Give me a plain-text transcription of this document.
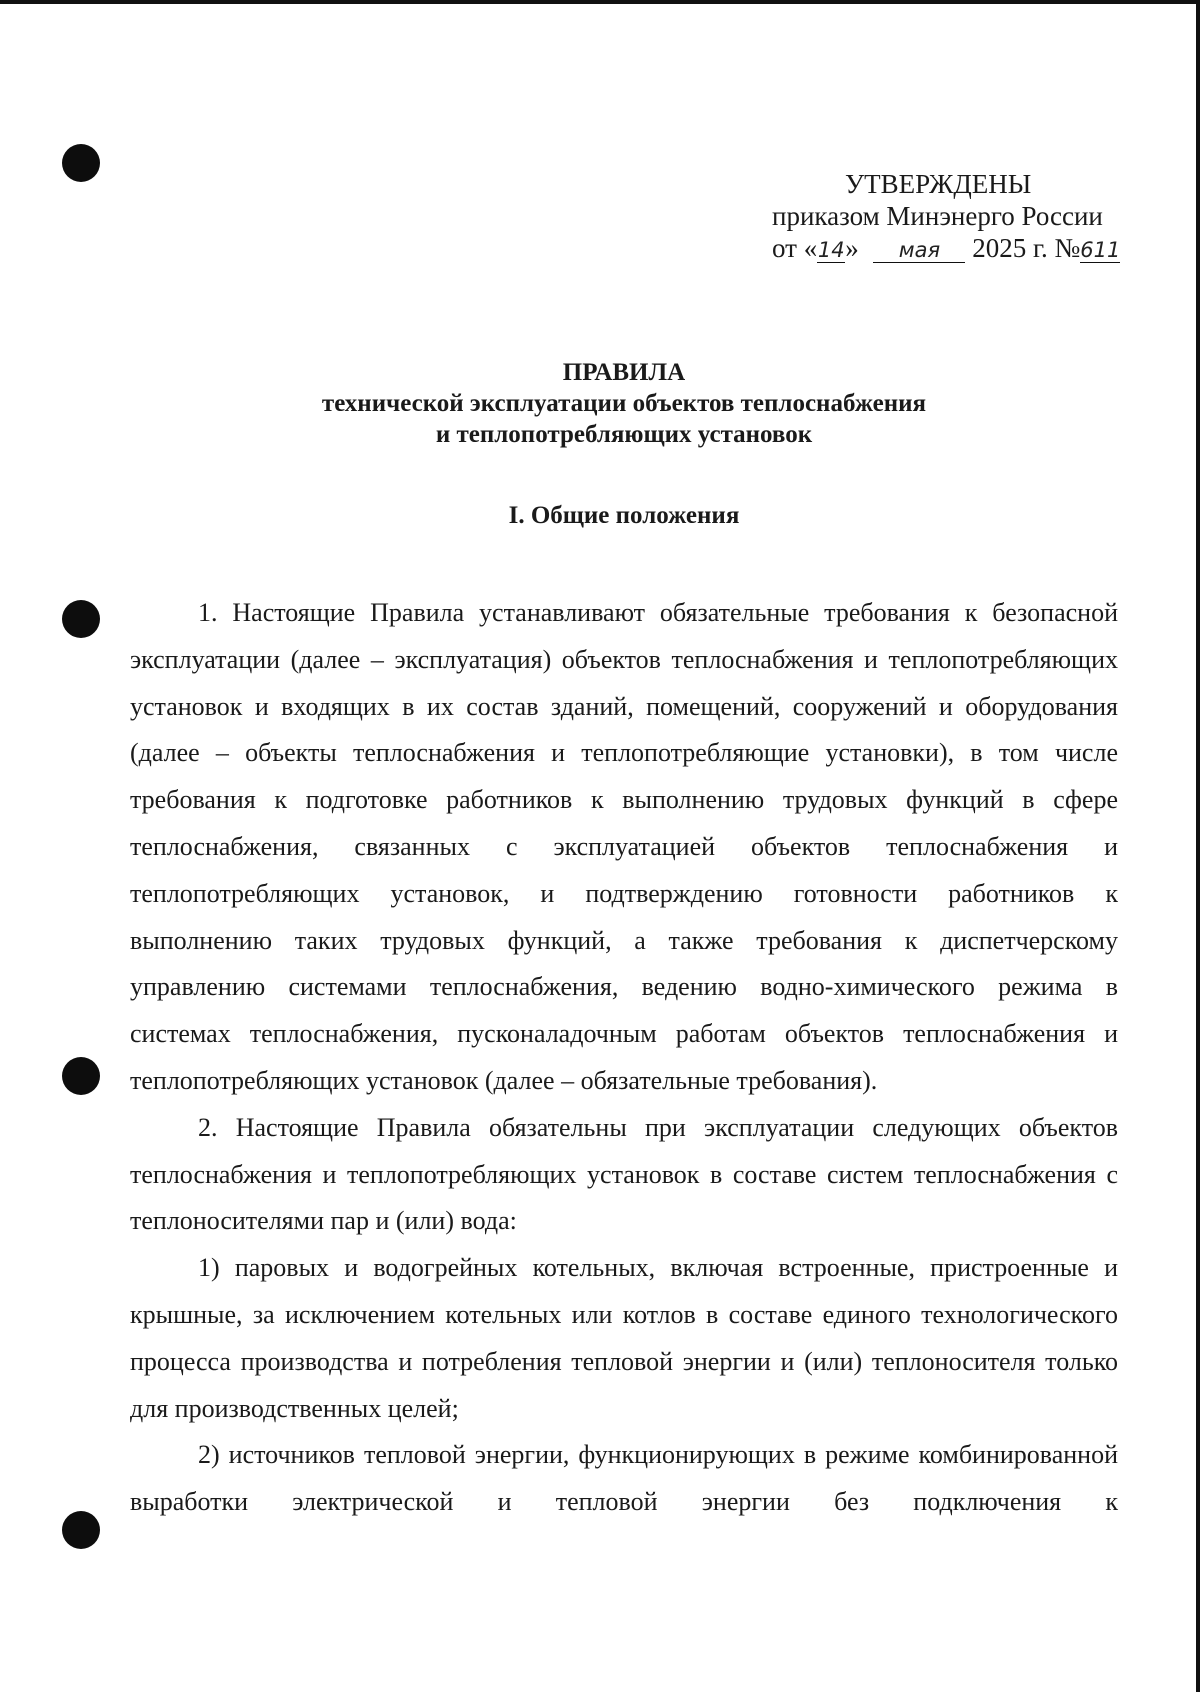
УТВЕРЖДЕНЫ
приказом Минэнерго России
от «14» мая 2025 г. №611
ПРАВИЛА
технической эксплуатации объектов теплоснабжения
и теплопотребляющих установок
I. Общие положения

1. Настоящие Правила устанавливают обязательные требования к безопасной эксплуатации (далее – эксплуатация) объектов теплоснабжения и теплопотребляющих установок и входящих в их состав зданий, помещений, сооружений и оборудования (далее – объекты теплоснабжения и теплопотребляющие установки), в том числе требования к подготовке работников к выполнению трудовых функций в сфере теплоснабжения, связанных с эксплуатацией объектов теплоснабжения и теплопотребляющих установок, и подтверждению готовности работников к выполнению таких трудовых функций, а также требования к диспетчерскому управлению системами теплоснабжения, ведению водно-химического режима в системах теплоснабжения, пусконаладочным работам объектов теплоснабжения и теплопотребляющих установок (далее – обязательные требования).

2. Настоящие Правила обязательны при эксплуатации следующих объектов теплоснабжения и теплопотребляющих установок в составе систем теплоснабжения с теплоносителями пар и (или) вода:

1) паровых и водогрейных котельных, включая встроенные, пристроенные и крышные, за исключением котельных или котлов в составе единого технологического процесса производства и потребления тепловой энергии и (или) теплоносителя только для производственных целей;

2) источников тепловой энергии, функционирующих в режиме комбинированной выработки электрической и тепловой энергии без подключения к
